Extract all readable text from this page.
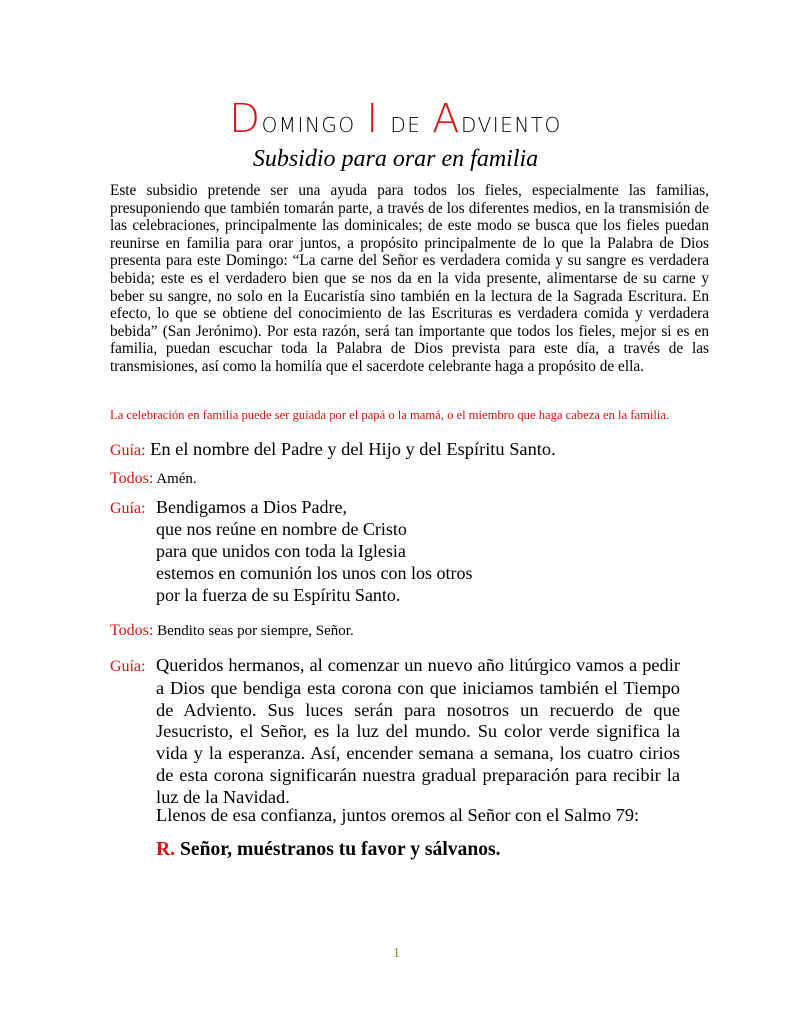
Domingo I de Adviento
Subsidio para orar en familia
Este subsidio pretende ser una ayuda para todos los fieles, especialmente las familias, presuponiendo que también tomarán parte, a través de los diferentes medios, en la transmisión de las celebraciones, principalmente las dominicales; de este modo se busca que los fieles puedan reunirse en familia para orar juntos, a propósito principalmente de lo que la Palabra de Dios presenta para este Domingo: “La carne del Señor es verdadera comida y su sangre es verdadera bebida; este es el verdadero bien que se nos da en la vida presente, alimentarse de su carne y beber su sangre, no solo en la Eucaristía sino también en la lectura de la Sagrada Escritura. En efecto, lo que se obtiene del conocimiento de las Escrituras es verdadera comida y verdadera bebida” (San Jerónimo). Por esta razón, será tan importante que todos los fieles, mejor si es en familia, puedan escuchar toda la Palabra de Dios prevista para este día, a través de las transmisiones, así como la homilía que el sacerdote celebrante haga a propósito de ella.
La celebración en familia puede ser guiada por el papá o la mamá, o el miembro que haga cabeza en la familia.
Guía: En el nombre del Padre y del Hijo y del Espíritu Santo.
Todos: Amén.
Guía: Bendigamos a Dios Padre,
que nos reúne en nombre de Cristo
para que unidos con toda la Iglesia
estemos en comunión los unos con los otros
por la fuerza de su Espíritu Santo.
Todos: Bendito seas por siempre, Señor.
Guía: Queridos hermanos, al comenzar un nuevo año litúrgico vamos a pedir a Dios que bendiga esta corona con que iniciamos también el Tiempo de Adviento. Sus luces serán para nosotros un recuerdo de que Jesucristo, el Señor, es la luz del mundo. Su color verde significa la vida y la esperanza. Así, encender semana a semana, los cuatro cirios de esta corona significarán nuestra gradual preparación para recibir la luz de la Navidad.
Llenos de esa confianza, juntos oremos al Señor con el Salmo 79:
R. Señor, muéstranos tu favor y sálvanos.
1
